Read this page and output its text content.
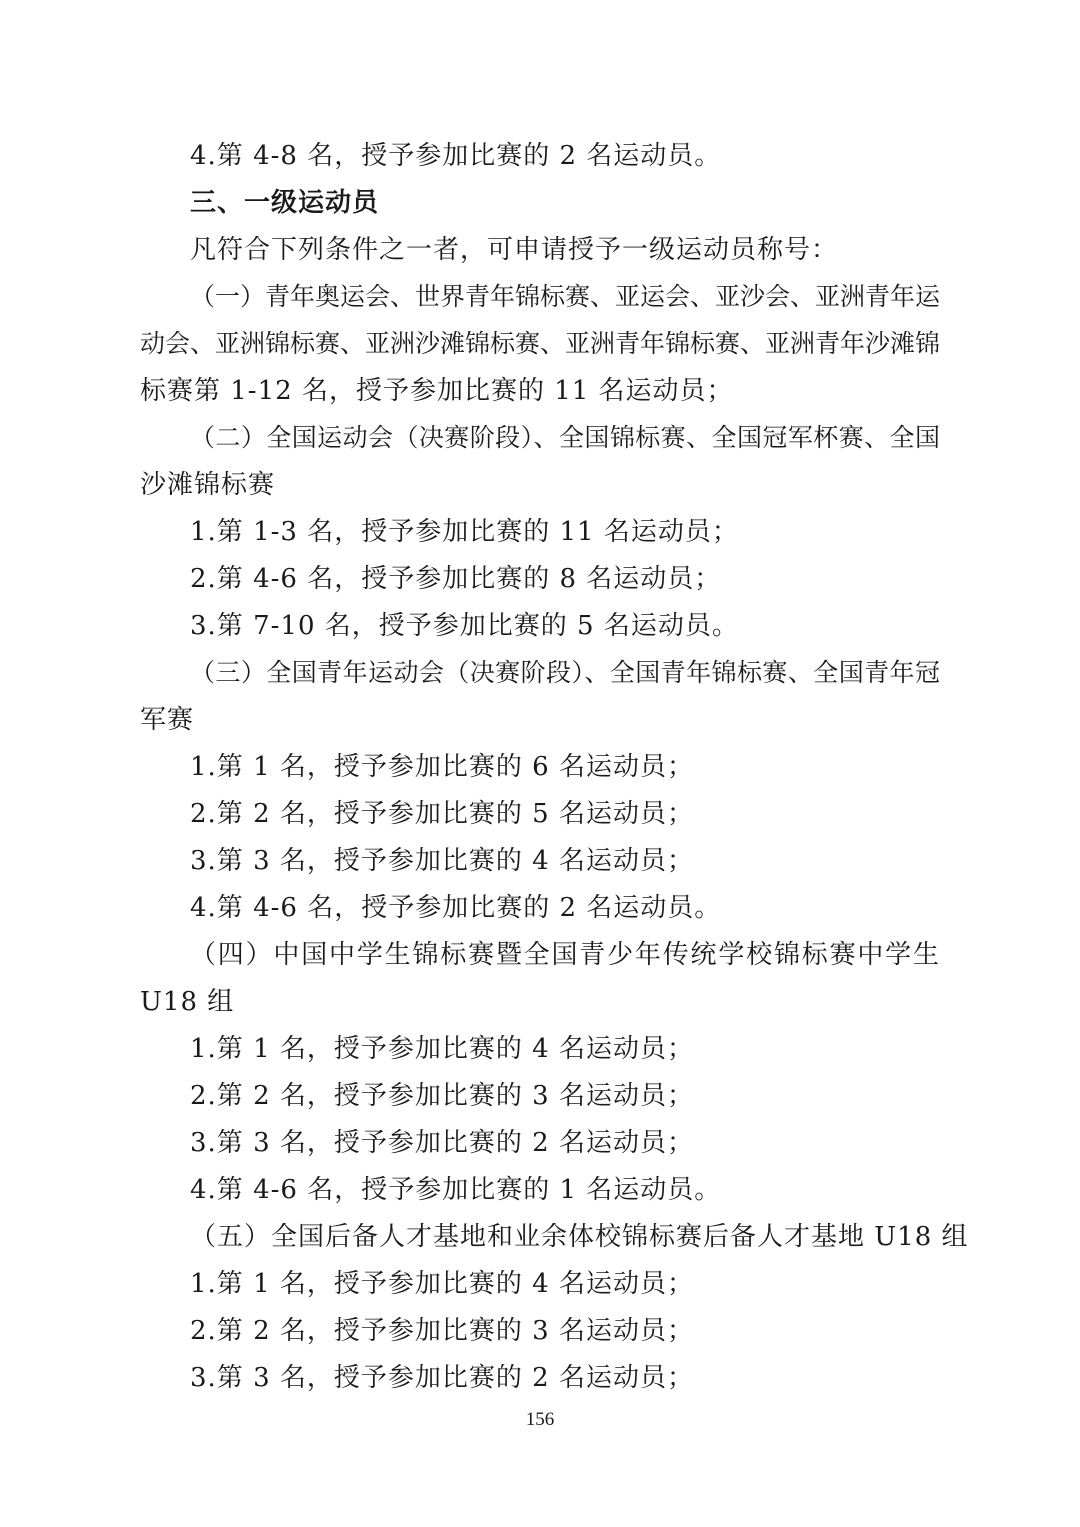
4.第 4-8 名，授予参加比赛的 2 名运动员。

三、一级运动员

凡符合下列条件之一者，可申请授予一级运动员称号：

（一）青年奥运会、世界青年锦标赛、亚运会、亚沙会、亚洲青年运

动会、亚洲锦标赛、亚洲沙滩锦标赛、亚洲青年锦标赛、亚洲青年沙滩锦

标赛第 1-12 名，授予参加比赛的 11 名运动员；

（二）全国运动会（决赛阶段）、全国锦标赛、全国冠军杯赛、全国

沙滩锦标赛

1.第 1-3 名，授予参加比赛的 11 名运动员；

2.第 4-6 名，授予参加比赛的 8 名运动员；

3.第 7-10 名，授予参加比赛的 5 名运动员。

（三）全国青年运动会（决赛阶段）、全国青年锦标赛、全国青年冠

军赛

1.第 1 名，授予参加比赛的 6 名运动员；

2.第 2 名，授予参加比赛的 5 名运动员；

3.第 3 名，授予参加比赛的 4 名运动员；

4.第 4-6 名，授予参加比赛的 2 名运动员。

（四）中国中学生锦标赛暨全国青少年传统学校锦标赛中学生

U18 组

1.第 1 名，授予参加比赛的 4 名运动员；

2.第 2 名，授予参加比赛的 3 名运动员；

3.第 3 名，授予参加比赛的 2 名运动员；

4.第 4-6 名，授予参加比赛的 1 名运动员。

（五）全国后备人才基地和业余体校锦标赛后备人才基地 U18 组

1.第 1 名，授予参加比赛的 4 名运动员；

2.第 2 名，授予参加比赛的 3 名运动员；

3.第 3 名，授予参加比赛的 2 名运动员；

156
